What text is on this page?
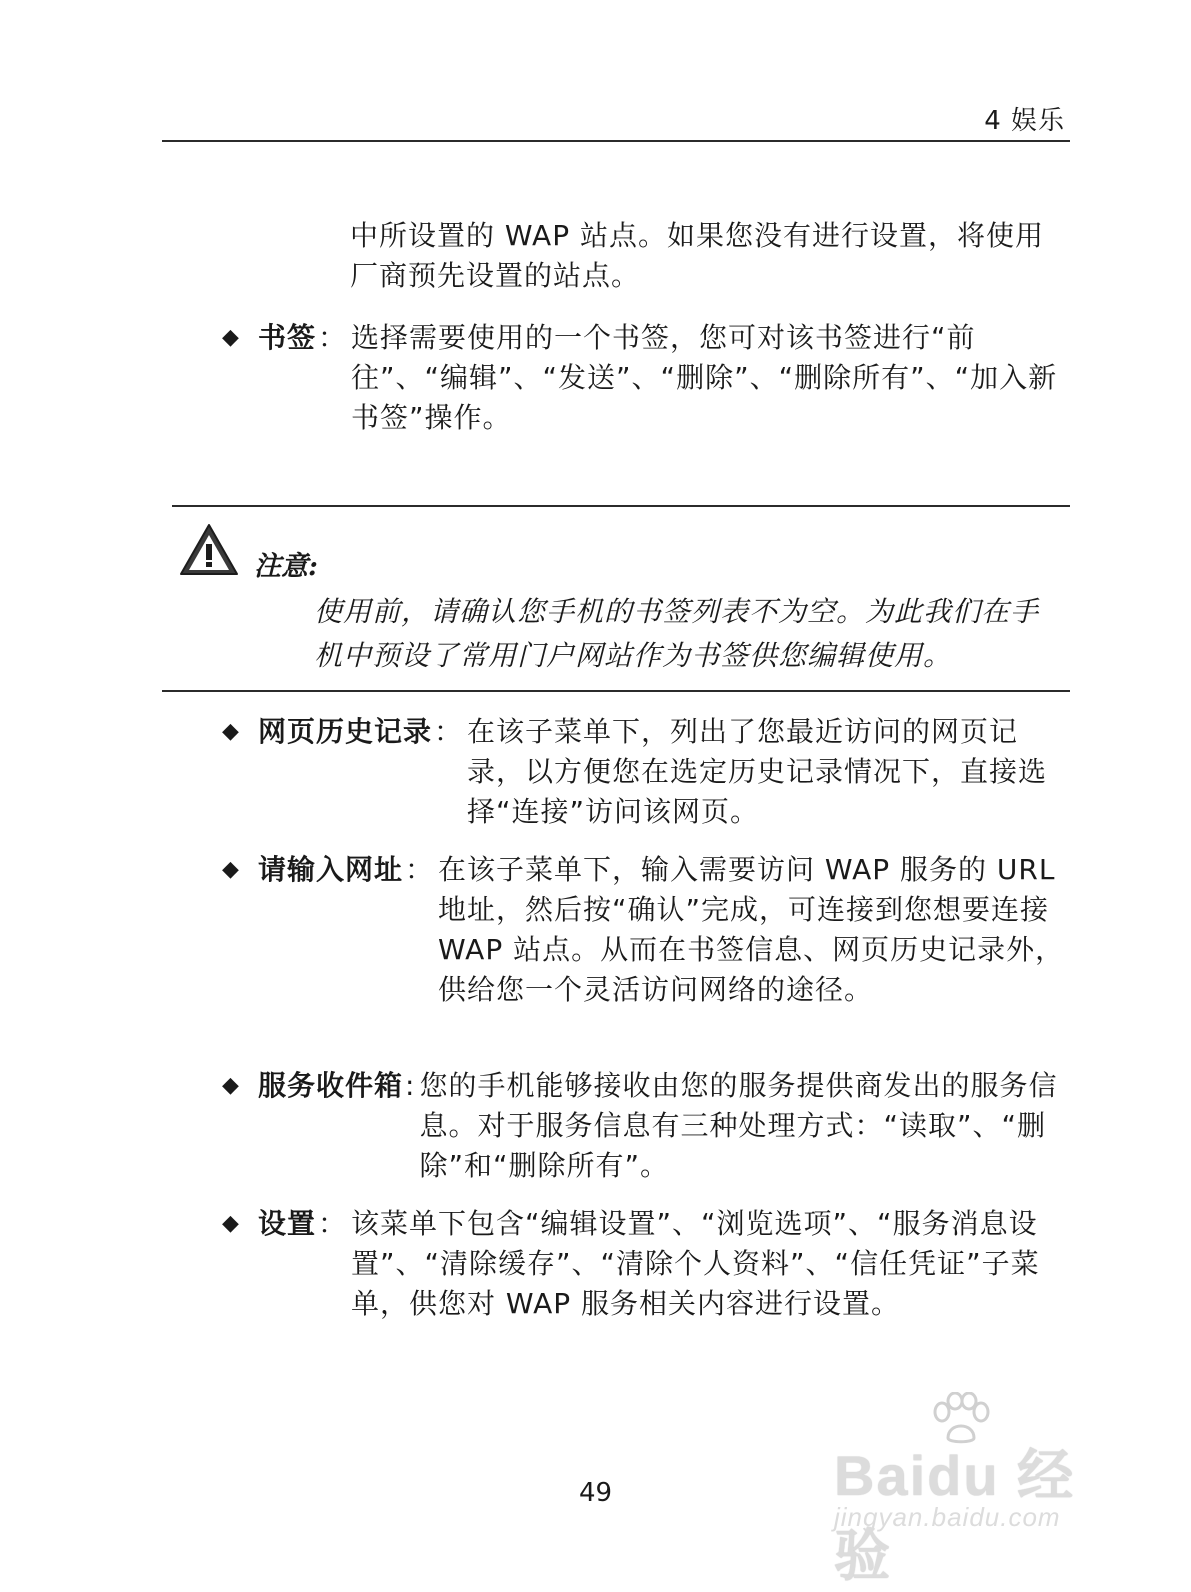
4 娱乐
中所设置的 WAP 站点。如果您没有进行设置，将使用厂商预先设置的站点。
◆ 书签 ： 选择需要使用的一个书签，您可对该书签进行“前往”、“编辑”、“发送”、“删除”、“删除所有”、“加入新书签”操作。
注意:
使用前，请确认您手机的书签列表不为空。为此我们在手机中预设了常用门户网站作为书签供您编辑使用。
◆ 网页历史记录 ： 在该子菜单下，列出了您最近访问的网页记录，以方便您在选定历史记录情况下，直接选择“连接”访问该网页。
◆ 请输入网址 ： 在该子菜单下，输入需要访问 WAP 服务的 URL 地址，然后按“确认”完成，可连接到您想要连接 WAP 站点。从而在书签信息、网页历史记录外，供给您一个灵活访问网络的途径。
◆ 服务收件箱 : 您的手机能够接收由您的服务提供商发出的服务信息。对于服务信息有三种处理方式：“读取”、“删除”和“删除所有”。
◆ 设置 ： 该菜单下包含“编辑设置”、“浏览选项”、“服务消息设置”、“清除缓存”、“清除个人资料”、“信任凭证”子菜单，供您对 WAP 服务相关内容进行设置。
49	Baidu 经验
jingyan.baidu.com
